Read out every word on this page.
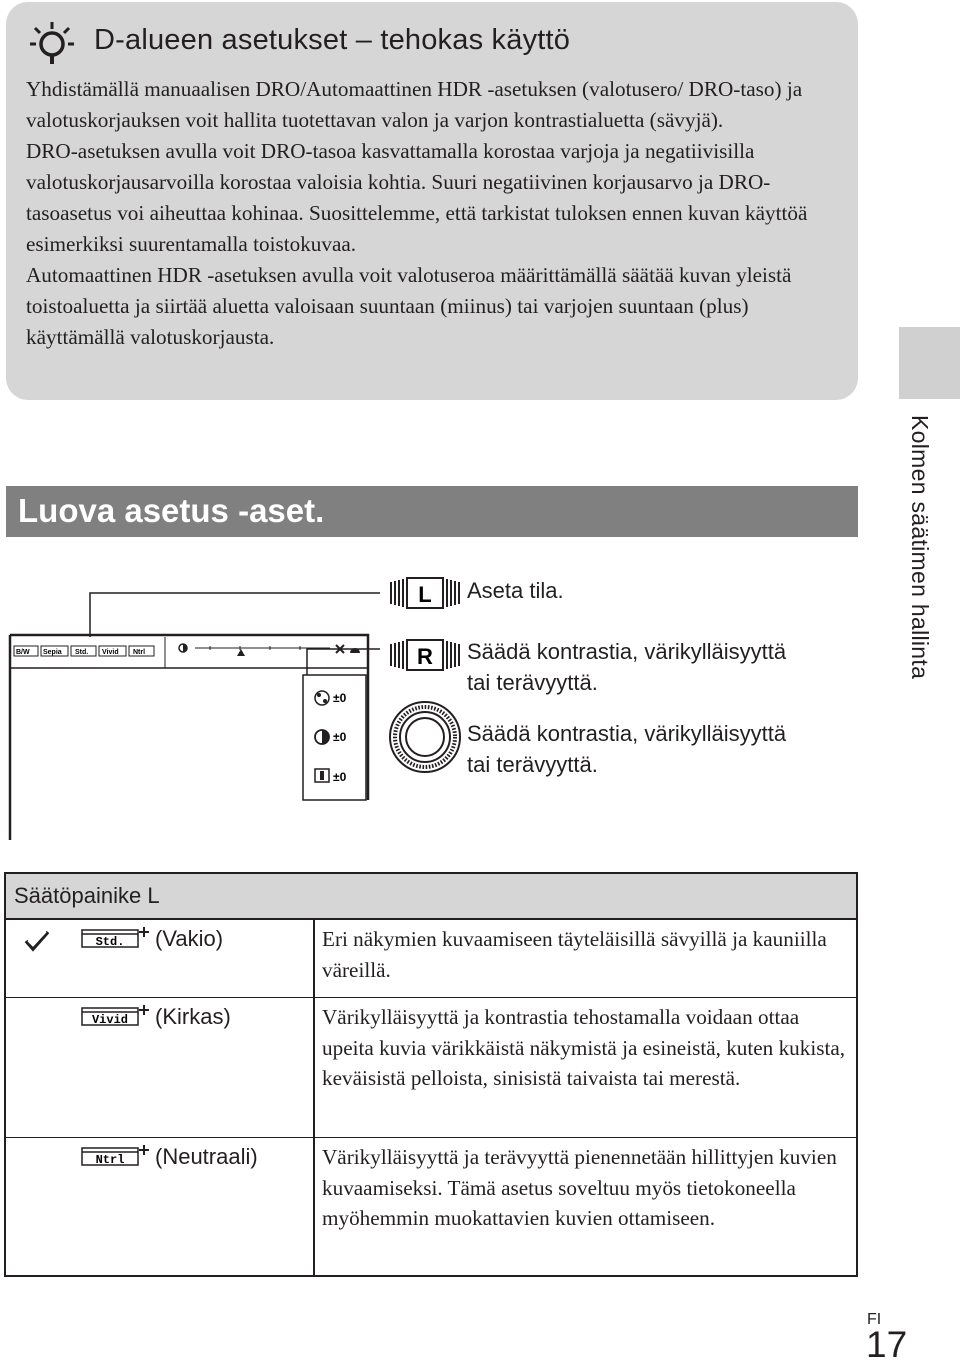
D-alueen asetukset – tehokas käyttö

Yhdistämällä manuaalisen DRO/Automaattinen HDR -asetuksen (valotusero/ DRO-taso) ja valotuskorjauksen voit hallita tuotettavan valon ja varjon kontrastialuetta (sävyjä).

DRO-asetuksen avulla voit DRO-tasoa kasvattamalla korostaa varjoja ja negatiivisilla valotuskorjausarvoilla korostaa valoisia kohtia. Suuri negatiivinen korjausarvo ja DRO-tasoasetus voi aiheuttaa kohinaa. Suosittelemme, että tarkistat tuloksen ennen kuvan käyttöä esimerkiksi suurentamalla toistokuvaa.

Automaattinen HDR -asetuksen avulla voit valotuseroa määrittämällä säätää kuvan yleistä toistoaluetta ja siirtää aluetta valoisaan suuntaan (miinus) tai varjojen suuntaan (plus) käyttämällä valotuskorjausta.

Kolmen säätimen hallinta
Luova asetus -aset.
B/W Sepia Std. Vivid Ntrl
±0
±0
±0
L
R
Aseta tila.
Säädä kontrastia, värikylläisyyttä
tai terävyyttä.
Säädä kontrastia, värikylläisyyttä
tai terävyyttä.
Säätöpainike L
Std. (Vakio)	Eri näkymien kuvaamiseen täyteläisillä sävyillä ja kauniilla väreillä.
Vivid (Kirkas)	Värikylläisyyttä ja kontrastia tehostamalla voidaan ottaa upeita kuvia värikkäistä näkymistä ja esineistä, kuten kukista, keväisistä pelloista, sinisistä taivaista tai merestä.
Ntrl (Neutraali)	Värikylläisyyttä ja terävyyttä pienennetään hillittyjen kuvien kuvaamiseksi. Tämä asetus soveltuu myös tietokoneella myöhemmin muokattavien kuvien ottamiseen.
FI
17
